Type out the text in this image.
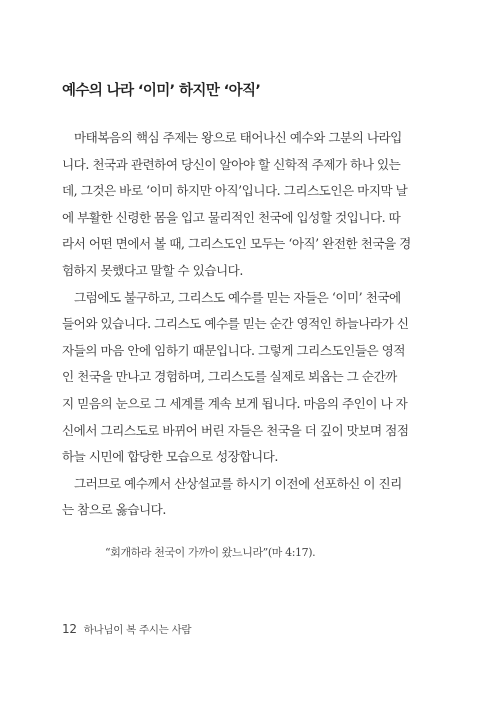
예수의 나라 ‘이미’ 하지만 ‘아직’
마태복음의 핵심 주제는 왕으로 태어나신 예수와 그분의 나라입
니다. 천국과 관련하여 당신이 알아야 할 신학적 주제가 하나 있는
데, 그것은 바로 ‘이미 하지만 아직’입니다. 그리스도인은 마지막 날
에 부활한 신령한 몸을 입고 물리적인 천국에 입성할 것입니다. 따
라서 어떤 면에서 볼 때, 그리스도인 모두는 ‘아직’ 완전한 천국을 경
험하지 못했다고 말할 수 있습니다.
그럼에도 불구하고, 그리스도 예수를 믿는 자들은 ‘이미’ 천국에
들어와 있습니다. 그리스도 예수를 믿는 순간 영적인 하늘나라가 신
자들의 마음 안에 임하기 때문입니다. 그렇게 그리스도인들은 영적
인 천국을 만나고 경험하며, 그리스도를 실제로 뵈옵는 그 순간까
지 믿음의 눈으로 그 세계를 계속 보게 됩니다. 마음의 주인이 나 자
신에서 그리스도로 바뀌어 버린 자들은 천국을 더 깊이 맛보며 점점
하늘 시민에 합당한 모습으로 성장합니다.
그러므로 예수께서 산상설교를 하시기 이전에 선포하신 이 진리
는 참으로 옳습니다.
“회개하라 천국이 가까이 왔느니라”(마 4:17).
12 하나님이 복 주시는 사람
